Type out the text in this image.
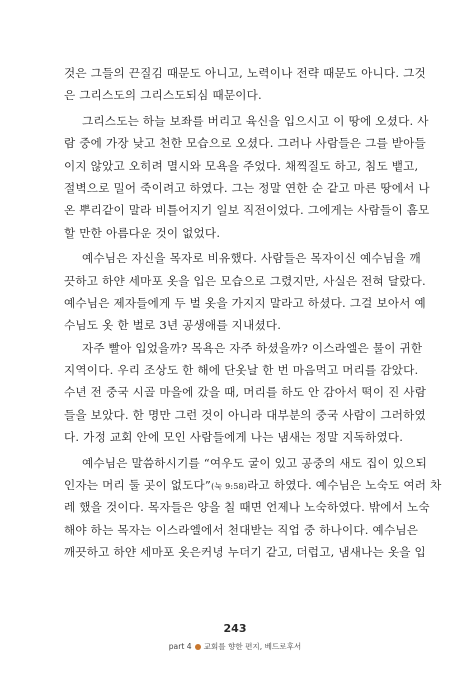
것은 그들의 끈질김 때문도 아니고, 노력이나 전략 때문도 아니다. 그것
은 그리스도의 그리스도되심 때문이다.
그리스도는 하늘 보좌를 버리고 육신을 입으시고 이 땅에 오셨다. 사
람 중에 가장 낮고 천한 모습으로 오셨다. 그러나 사람들은 그를 받아들
이지 않았고 오히려 멸시와 모욕을 주었다. 채찍질도 하고, 침도 뱉고,
절벽으로 밀어 죽이려고 하였다. 그는 정말 연한 순 같고 마른 땅에서 나
온 뿌리같이 말라 비틀어지기 일보 직전이었다. 그에게는 사람들이 흠모
할 만한 아름다운 것이 없었다.
예수님은 자신을 목자로 비유했다. 사람들은 목자이신 예수님을 깨
끗하고 하얀 세마포 옷을 입은 모습으로 그렸지만, 사실은 전혀 달랐다.
예수님은 제자들에게 두 벌 옷을 가지지 말라고 하셨다. 그걸 보아서 예
수님도 옷 한 벌로 3년 공생애를 지내셨다.
자주 빨아 입었을까? 목욕은 자주 하셨을까? 이스라엘은 물이 귀한
지역이다. 우리 조상도 한 해에 단옷날 한 번 마음먹고 머리를 감았다.
수년 전 중국 시골 마을에 갔을 때, 머리를 하도 안 감아서 떡이 진 사람
들을 보았다. 한 명만 그런 것이 아니라 대부분의 중국 사람이 그러하였
다. 가정 교회 안에 모인 사람들에게 나는 냄새는 정말 지독하였다.
예수님은 말씀하시기를 “여우도 굴이 있고 공중의 새도 집이 있으되
인자는 머리 둘 곳이 없도다”(눅 9:58)라고 하였다. 예수님은 노숙도 여러 차
레 했을 것이다. 목자들은 양을 칠 때면 언제나 노숙하였다. 밖에서 노숙
해야 하는 목자는 이스라엘에서 천대받는 직업 중 하나이다. 예수님은
깨끗하고 하얀 세마포 옷은커녕 누더기 같고, 더럽고, 냄새나는 옷을 입
243
part 4 교회를 향한 편지, 베드로후서
